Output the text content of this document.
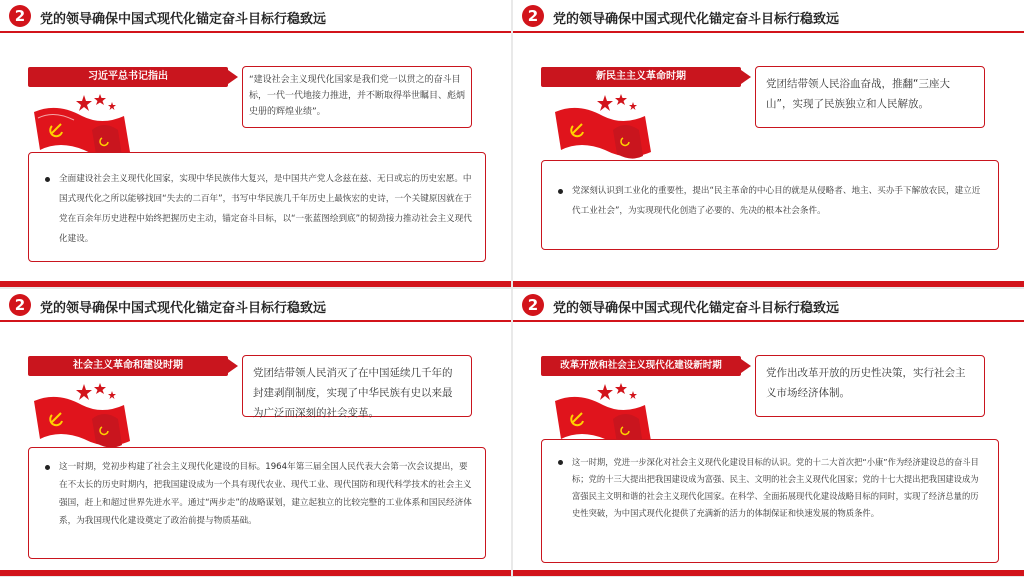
2	党的领导确保中国式现代化锚定奋斗目标行稳致远
习近平总书记指出	“建设社会主义现代化国家是我们党一以贯之的奋斗目标，一代一代地接力推进，并不断取得举世瞩目、彪炳史册的辉煌业绩”。
全面建设社会主义现代化国家，实现中华民族伟大复兴，是中国共产党人念兹在兹、无日或忘的历史宏愿。中国式现代化之所以能够找回“失去的二百年”，书写中华民族几千年历史上最恢宏的史诗，一个关键原因就在于党在百余年历史进程中始终把握历史主动，锚定奋斗目标，以“一张蓝图绘到底”的韧劲接力推动社会主义现代化建设。
2	党的领导确保中国式现代化锚定奋斗目标行稳致远
新民主主义革命时期
党团结带领人民浴血奋战，推翻“三座大山”，实现了民族独立和人民解放。
党深刻认识到工业化的重要性，提出“民主革命的中心目的就是从侵略者、地主、买办手下解放农民，建立近代工业社会”，为实现现代化创造了必要的、先决的根本社会条件。
2	党的领导确保中国式现代化锚定奋斗目标行稳致远
社会主义革命和建设时期
党团结带领人民消灭了在中国延续几千年的封建剥削制度，实现了中华民族有史以来最为广泛而深刻的社会变革。
这一时期，党初步构建了社会主义现代化建设的目标。1964年第三届全国人民代表大会第一次会议提出，要在不太长的历史时期内，把我国建设成为一个具有现代农业、现代工业、现代国防和现代科学技术的社会主义强国，赶上和超过世界先进水平。通过“两步走”的战略谋划，建立起独立的比较完整的工业体系和国民经济体系，为我国现代化建设奠定了政治前提与物质基础。
2	党的领导确保中国式现代化锚定奋斗目标行稳致远
改革开放和社会主义现代化建设新时期
党作出改革开放的历史性决策，实行社会主义市场经济体制。
这一时期，党进一步深化对社会主义现代化建设目标的认识。党的十二大首次把“小康”作为经济建设总的奋斗目标；党的十三大提出把我国建设成为富强、民主、文明的社会主义现代化国家；党的十七大提出把我国建设成为富强民主文明和谐的社会主义现代化国家。在科学、全面拓展现代化建设战略目标的同时，实现了经济总量的历史性突破，为中国式现代化提供了充满新的活力的体制保证和快速发展的物质条件。
